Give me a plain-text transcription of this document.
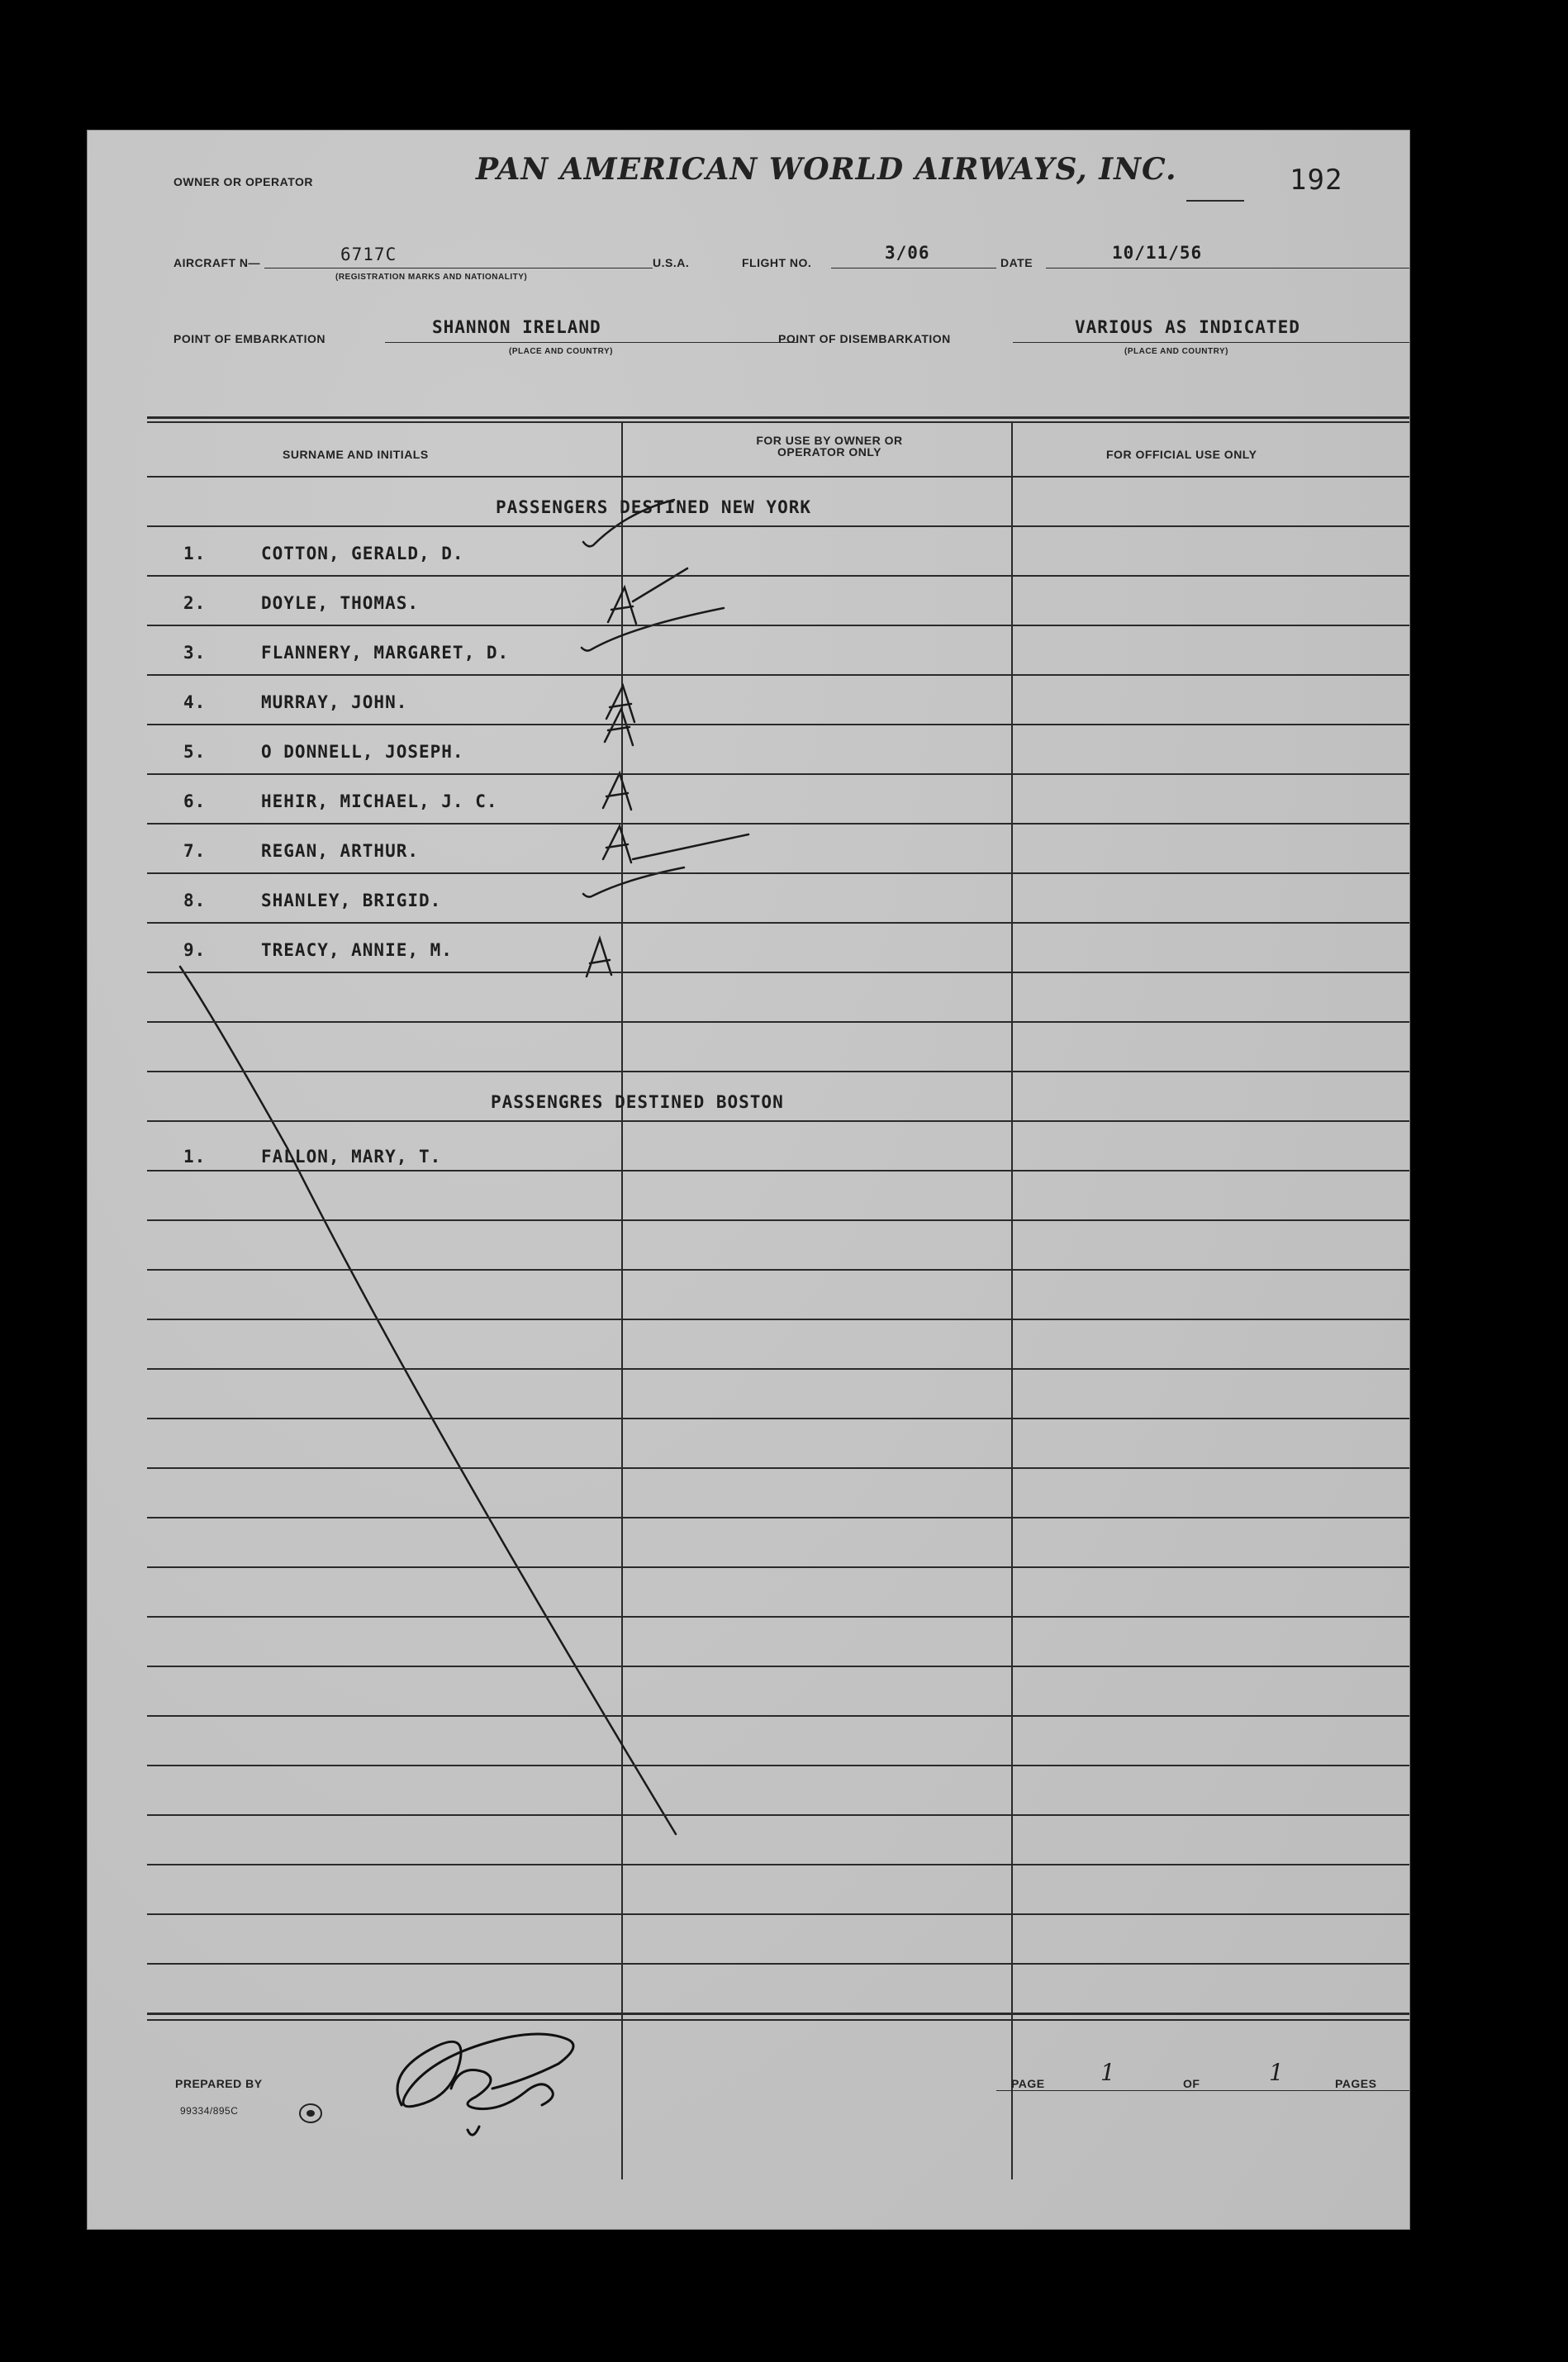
OWNER OR OPERATOR	PAN AMERICAN WORLD AIRWAYS, INC.	192
AIRCRAFT N—	6717C
(REGISTRATION MARKS AND NATIONALITY)
U.S.A.	FLIGHT NO.	3/06	DATE	10/11/56
POINT OF EMBARKATION
SHANNON IRELAND
(PLACE AND COUNTRY)
POINT OF DISEMBARKATION
VARIOUS AS INDICATED
(PLACE AND COUNTRY)
SURNAME AND INITIALS
FOR USE BY OWNER OR OPERATOR ONLY	FOR OFFICIAL USE ONLY
PASSENGERS DESTINED NEW YORK
1.	COTTON, GERALD, D.
2.	DOYLE, THOMAS.
3.	FLANNERY, MARGARET, D.
4.	MURRAY, JOHN.
5.	O DONNELL, JOSEPH.
6.	HEHIR, MICHAEL, J. C.
7.	REGAN, ARTHUR.
8.	SHANLEY, BRIGID.
9.	TREACY, ANNIE, M.
PASSENGRES DESTINED BOSTON
1.	FALLON, MARY, T.
PREPARED BY
99334/895C
PAGE 1	OF	1	PAGES
